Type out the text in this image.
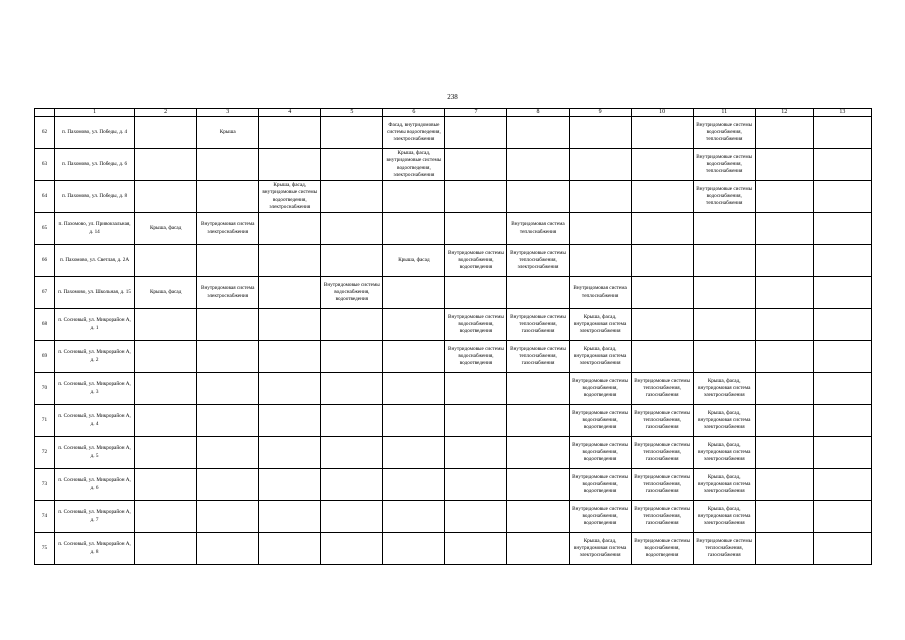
238
	1	2	3	4	5	6	7	8	9	10	11	12	13

62	п. Пахомово, ул. Победы, д. 4		Крыша			Фасад, внутридомовые системы водоотведения, электроснабжения					Внутридомовые системы водоснабжения, теплоснабжения		

63	п. Пахомово, ул. Победы, д. 6					Крыша, фасад, внутридомовые системы водоотведения, электроснабжения					Внутридомовые системы водоснабжения, теплоснабжения		

64	п. Пахомово, ул. Победы, д. 8			Крыша, фасад, внутридомовые системы водоотведения, электроснабжения							Внутридомовые системы водоснабжения, теплоснабжения		

65	п. Пахомово, ул. Привокзальная, д. 14	Крыша, фасад	Внутридомовая система электроснабжения					Внутридомовая система теплоснабжения					

66	п. Пахомово, ул. Светлая, д. 2А					Крыша, фасад	Внутридомовые системы водоснабжения, водоотведения	Внутридомовые системы теплоснабжения, электроснабжения					

67	п. Пахомово, ул. Школьная, д. 15	Крыша, фасад	Внутридомовая система электроснабжения		Внутридомовые системы водоснабжения, водоотведения				Внутридомовая система теплоснабжения				

68	п. Сосновый, ул. Микрорайон А, д. 1						Внутридомовые системы водоснабжения, водоотведения	Внутридомовые системы теплоснабжения, газоснабжения	Крыша, фасад, внутридомовая система электроснабжения				

69	п. Сосновый, ул. Микрорайон А, д. 2						Внутридомовые системы водоснабжения, водоотведения	Внутридомовые системы теплоснабжения, газоснабжения	Крыша, фасад, внутридомовая система электроснабжения				

70	п. Сосновый, ул. Микрорайон А, д. 3								Внутридомовые системы водоснабжения, водоотведения	Внутридомовые системы теплоснабжения, газоснабжения	Крыша, фасад, внутридомовая система электроснабжения		

71	п. Сосновый, ул. Микрорайон А, д. 4								Внутридомовые системы водоснабжения, водоотведения	Внутридомовые системы теплоснабжения, газоснабжения	Крыша, фасад, внутридомовая система электроснабжения		

72	п. Сосновый, ул. Микрорайон А, д. 5								Внутридомовые системы водоснабжения, водоотведения	Внутридомовые системы теплоснабжения, газоснабжения	Крыша, фасад, внутридомовая система электроснабжения		

73	п. Сосновый, ул. Микрорайон А, д. 6								Внутридомовые системы водоснабжения, водоотведения	Внутридомовые системы теплоснабжения, газоснабжения	Крыша, фасад, внутридомовая система электроснабжения		

74	п. Сосновый, ул. Микрорайон А, д. 7								Внутридомовые системы водоснабжения, водоотведения	Внутридомовые системы теплоснабжения, газоснабжения	Крыша, фасад, внутридомовая система электроснабжения		

75	п. Сосновый, ул. Микрорайон А, д. 8								Крыша, фасад, внутридомовая система электроснабжения	Внутридомовые системы водоснабжения, водоотведения	Внутридомовые системы теплоснабжения, газоснабжения		
